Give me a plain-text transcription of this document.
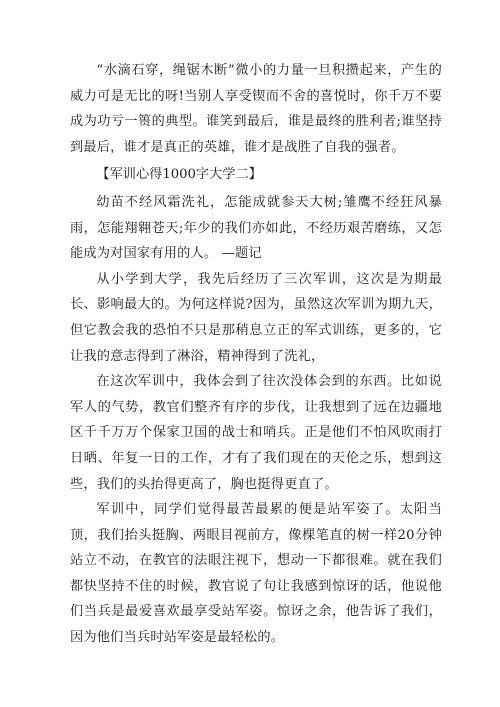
“水滴石穿，绳锯木断”微小的力量一旦积攒起来，产生的威力可是无比的呀!当别人享受锲而不舍的喜悦时，你千万不要成为功亏一篑的典型。谁笑到最后，谁是最终的胜利者;谁坚持到最后，谁才是真正的英雄，谁才是战胜了自我的强者。

【军训心得1000字大学二】

幼苗不经风霜洗礼，怎能成就参天大树;雏鹰不经狂风暴雨，怎能翔翱苍天;年少的我们亦如此，不经历艰苦磨练，又怎能成为对国家有用的人。 —题记

从小学到大学，我先后经历了三次军训，这次是为期最长、影响最大的。为何这样说?因为，虽然这次军训为期九天，但它教会我的恐怕不只是那稍息立正的军式训练，更多的，它让我的意志得到了淋浴，精神得到了洗礼，

在这次军训中，我体会到了往次没体会到的东西。比如说军人的气势，教官们整齐有序的步伐，让我想到了远在边疆地区千千万万个保家卫国的战士和哨兵。正是他们不怕风吹雨打日晒、年复一日的工作，才有了我们现在的天伦之乐，想到这些，我们的头抬得更高了，胸也挺得更直了。

军训中，同学们觉得最苦最累的便是站军姿了。太阳当顶，我们抬头挺胸、两眼目视前方，像棵笔直的树一样20分钟站立不动，在教官的法眼注视下，想动一下都很难。就在我们都快坚持不住的时候，教官说了句让我感到惊讶的话，他说他们当兵是最爱喜欢最享受站军姿。惊讶之余，他告诉了我们，因为他们当兵时站军姿是最轻松的。
